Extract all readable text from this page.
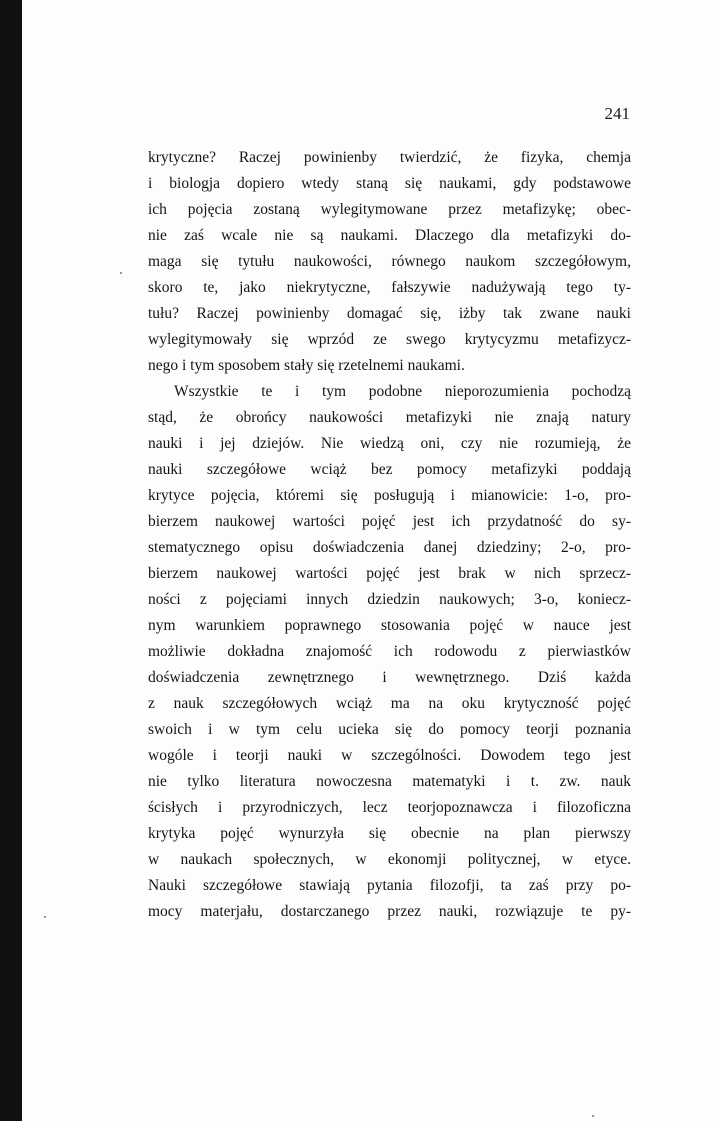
241
krytyczne? Raczej powinienby twierdzić, że fizyka, chemja
i biologja dopiero wtedy staną się naukami, gdy podstawowe
ich pojęcia zostaną wylegitymowane przez metafizykę; obec-
nie zaś wcale nie są naukami. Dlaczego dla metafizyki do-
maga się tytułu naukowości, równego naukom szczegółowym,
skoro te, jako niekrytyczne, fałszywie nadużywają tego ty-
tułu? Raczej powinienby domagać się, iżby tak zwane nauki
wylegitymowały się wprzód ze swego krytycyzmu metafizycz-
nego i tym sposobem stały się rzetelnemi naukami.
Wszystkie te i tym podobne nieporozumienia pochodzą
stąd, że obrońcy naukowości metafizyki nie znają natury
nauki i jej dziejów. Nie wiedzą oni, czy nie rozumieją, że
nauki szczegółowe wciąż bez pomocy metafizyki poddają
krytyce pojęcia, któremi się posługują i mianowicie: 1-o, pro-
bierzem naukowej wartości pojęć jest ich przydatność do sy-
stematycznego opisu doświadczenia danej dziedziny; 2-o, pro-
bierzem naukowej wartości pojęć jest brak w nich sprzecz-
ności z pojęciami innych dziedzin naukowych; 3-o, koniecz-
nym warunkiem poprawnego stosowania pojęć w nauce jest
możliwie dokładna znajomość ich rodowodu z pierwiastków
doświadczenia zewnętrznego i wewnętrznego. Dziś każda
z nauk szczegółowych wciąż ma na oku krytyczność pojęć
swoich i w tym celu ucieka się do pomocy teorji poznania
wogóle i teorji nauki w szczególności. Dowodem tego jest
nie tylko literatura nowoczesna matematyki i t. zw. nauk
ścisłych i przyrodniczych, lecz teorjopoznawcza i filozoficzna
krytyka pojęć wynurzyła się obecnie na plan pierwszy
w naukach społecznych, w ekonomji politycznej, w etyce.
Nauki szczegółowe stawiają pytania filozofji, ta zaś przy po-
mocy materjału, dostarczanego przez nauki, rozwiązuje te py-
